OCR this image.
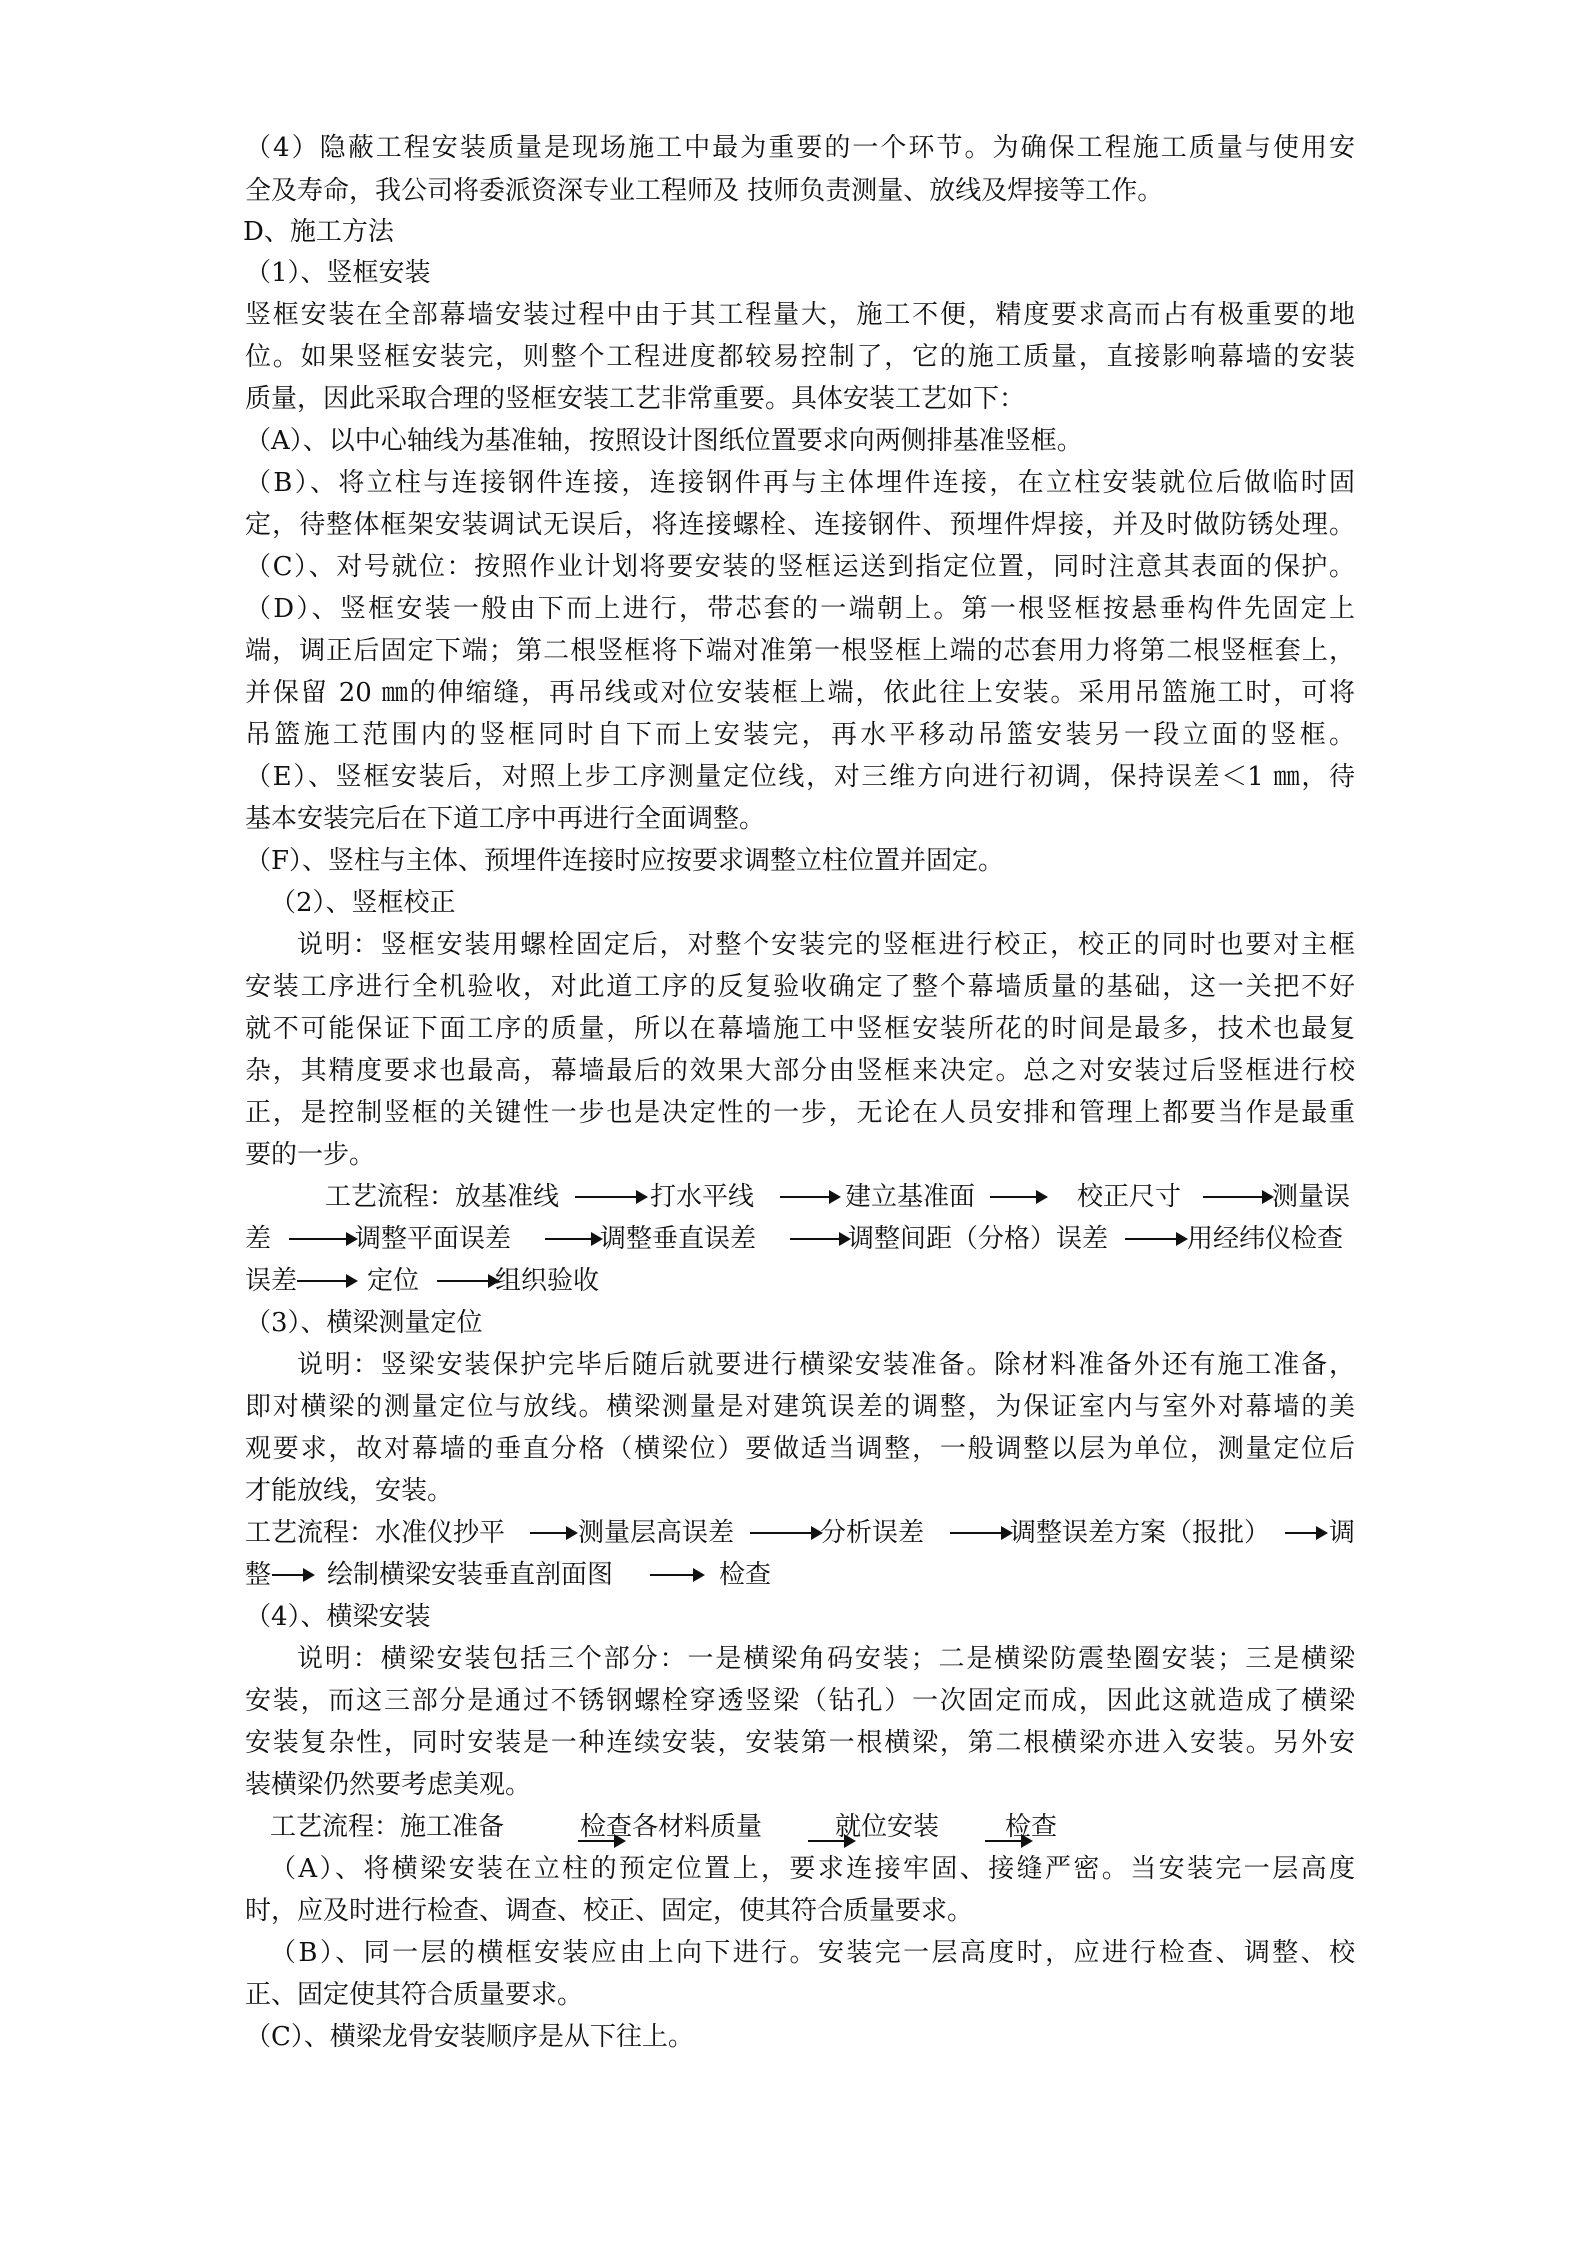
（4）隐蔽工程安装质量是现场施工中最为重要的一个环节。为确保工程施工质量与使用安
全及寿命，我公司将委派资深专业工程师及 技师负责测量、放线及焊接等工作。
D、施工方法
（1）、竖框安装
竖框安装在全部幕墙安装过程中由于其工程量大，施工不便，精度要求高而占有极重要的地
位。如果竖框安装完，则整个工程进度都较易控制了，它的施工质量，直接影响幕墙的安装
质量，因此采取合理的竖框安装工艺非常重要。具体安装工艺如下：
（A）、以中心轴线为基准轴，按照设计图纸位置要求向两侧排基准竖框。
（B）、将立柱与连接钢件连接，连接钢件再与主体埋件连接，在立柱安装就位后做临时固
定，待整体框架安装调试无误后，将连接螺栓、连接钢件、预埋件焊接，并及时做防锈处理。
（C）、对号就位：按照作业计划将要安装的竖框运送到指定位置，同时注意其表面的保护。
（D）、竖框安装一般由下而上进行，带芯套的一端朝上。第一根竖框按悬垂构件先固定上
端，调正后固定下端；第二根竖框将下端对准第一根竖框上端的芯套用力将第二根竖框套上，
并保留 20 ㎜的伸缩缝，再吊线或对位安装框上端，依此往上安装。采用吊篮施工时，可将
吊篮施工范围内的竖框同时自下而上安装完，再水平移动吊篮安装另一段立面的竖框。
（E）、竖框安装后，对照上步工序测量定位线，对三维方向进行初调，保持误差＜1 ㎜，待
基本安装完后在下道工序中再进行全面调整。
（F）、竖柱与主体、预埋件连接时应按要求调整立柱位置并固定。
（2）、竖框校正
说明：竖框安装用螺栓固定后，对整个安装完的竖框进行校正，校正的同时也要对主框
安装工序进行全机验收，对此道工序的反复验收确定了整个幕墙质量的基础，这一关把不好
就不可能保证下面工序的质量，所以在幕墙施工中竖框安装所花的时间是最多，技术也最复
杂，其精度要求也最高，幕墙最后的效果大部分由竖框来决定。总之对安装过后竖框进行校
正，是控制竖框的关键性一步也是决定性的一步，无论在人员安排和管理上都要当作是最重
要的一步。
工艺流程： 放基准线	打水平线	建立基准面	校正尺寸	测量误
差	调整平面误差	调整垂直误差	调整间距（分格）误差	用经纬仪检查
误差	定位	组织验收
（3）、横梁测量定位
说明：竖梁安装保护完毕后随后就要进行横梁安装准备。除材料准备外还有施工准备，
即对横梁的测量定位与放线。横梁测量是对建筑误差的调整，为保证室内与室外对幕墙的美
观要求，故对幕墙的垂直分格（横梁位）要做适当调整，一般调整以层为单位，测量定位后
才能放线，安装。
工艺流程： 水准仪抄平	测量层高误差	分析误差	调整误差方案（报批） 调
整 绘制横梁安装垂直剖面图	检查
（4）、横梁安装
说明：横梁安装包括三个部分：一是横梁角码安装；二是横梁防震垫圈安装；三是横梁
安装，而这三部分是通过不锈钢螺栓穿透竖梁（钻孔）一次固定而成，因此这就造成了横梁
安装复杂性，同时安装是一种连续安装，安装第一根横梁，第二根横梁亦进入安装。另外安
装横梁仍然要考虑美观。
工艺流程： 施工准备	检查各材料质量	就位安装	检查
（A）、将横梁安装在立柱的预定位置上，要求连接牢固、接缝严密。当安装完一层高度
时，应及时进行检查、调查、校正、固定，使其符合质量要求。
（B）、同一层的横框安装应由上向下进行。安装完一层高度时，应进行检查、调整、校
正、固定使其符合质量要求。
（C）、横梁龙骨安装顺序是从下往上。
